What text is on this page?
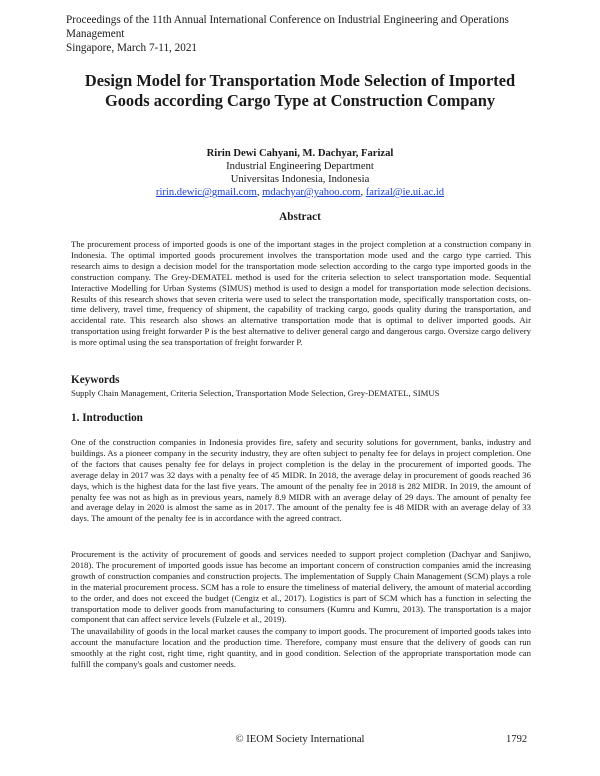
Proceedings of the 11th Annual International Conference on Industrial Engineering and Operations Management
Singapore, March 7-11, 2021
Design Model for Transportation Mode Selection of Imported Goods according Cargo Type at Construction Company
Ririn Dewi Cahyani, M. Dachyar, Farizal
Industrial Engineering Department
Universitas Indonesia, Indonesia
ririn.dewic@gmail.com, mdachyar@yahoo.com, farizal@ie.ui.ac.id
Abstract
The procurement process of imported goods is one of the important stages in the project completion at a construction company in Indonesia. The optimal imported goods procurement involves the transportation mode used and the cargo type carried. This research aims to design a decision model for the transportation mode selection according to the cargo type imported goods in the construction company. The Grey-DEMATEL method is used for the criteria selection to select transportation mode. Sequential Interactive Modelling for Urban Systems (SIMUS) method is used to design a model for transportation mode selection decisions. Results of this research shows that seven criteria were used to select the transportation mode, specifically transportation costs, on-time delivery, travel time, frequency of shipment, the capability of tracking cargo, goods quality during the transportation, and accidental rate. This research also shows an alternative transportation mode that is optimal to deliver imported goods. Air transportation using freight forwarder P is the best alternative to deliver general cargo and dangerous cargo. Oversize cargo delivery is more optimal using the sea transportation of freight forwarder P.
Keywords
Supply Chain Management, Criteria Selection, Transportation Mode Selection, Grey-DEMATEL, SIMUS
1. Introduction
One of the construction companies in Indonesia provides fire, safety and security solutions for government, banks, industry and buildings. As a pioneer company in the security industry, they are often subject to penalty fee for delays in project completion. One of the factors that causes penalty fee for delays in project completion is the delay in the procurement of imported goods. The average delay in 2017 was 32 days with a penalty fee of 45 MIDR. In 2018, the average delay in procurement of goods reached 36 days, which is the highest data for the last five years. The amount of the penalty fee in 2018 is 282 MIDR. In 2019, the amount of penalty fee was not as high as in previous years, namely 8.9 MIDR with an average delay of 29 days. The amount of penalty fee and average delay in 2020 is almost the same as in 2017. The amount of the penalty fee is 48 MIDR with an average delay of 33 days. The amount of the penalty fee is in accordance with the agreed contract.
Procurement is the activity of procurement of goods and services needed to support project completion (Dachyar and Sanjiwo, 2018). The procurement of imported goods issue has become an important concern of construction companies amid the increasing growth of construction companies and construction projects. The implementation of Supply Chain Management (SCM) plays a role in the material procurement process. SCM has a role to ensure the timeliness of material delivery, the amount of material according to the order, and does not exceed the budget (Cengiz et al., 2017). Logistics is part of SCM which has a function in selecting the transportation mode to deliver goods from manufacturing to consumers (Kumru and Kumru, 2013). The transportation is a major component that can affect service levels (Fulzele et al., 2019).
The unavailability of goods in the local market causes the company to import goods. The procurement of imported goods takes into account the manufacture location and the production time. Therefore, company must ensure that the delivery of goods can run smoothly at the right cost, right time, right quantity, and in good condition. Selection of the appropriate transportation mode can fulfill the company's goals and customer needs.
© IEOM Society International	1792
